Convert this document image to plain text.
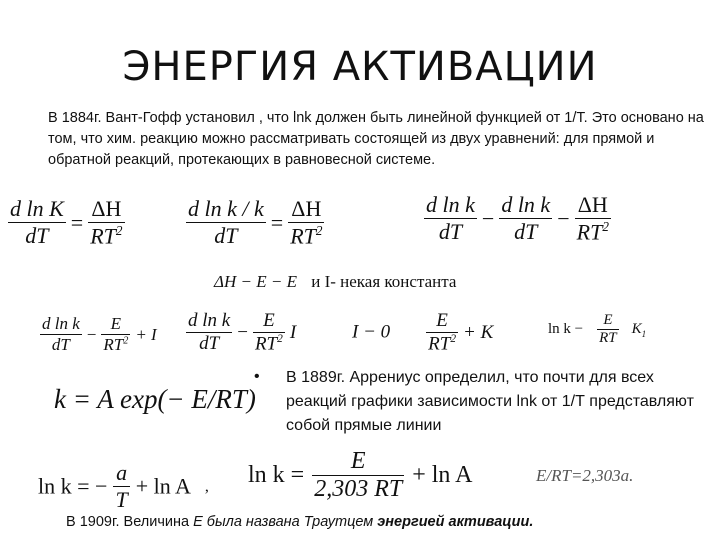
ЭНЕРГИЯ АКТИВАЦИИ
В 1884г. Вант-Гофф установил , что lnk должен быть линейной функцией от 1/Т. Это основано на том, что хим. реакцию можно рассматривать состоящей из двух уравнений: для прямой и обратной реакций, протекающих в равновесной системе.
$\frac{\text{d ln K}}{dT} = \frac{\Delta H}{RT^2}$	$\frac{\text{d ln k / k}}{dT} = \frac{\Delta H}{RT^2}$	$\frac{\text{d ln k}}{dT} - \frac{\text{d ln k}}{dT} - \frac{\Delta H}{RT^2}$
ΔH − E − E и I- некая константа
$\frac{\text{d ln k}}{dT} - \frac{E}{RT^2} + I \frac{\text{d ln k}}{dT} - \frac{E}{RT^2}$ I	$I - 0 \frac{E}{RT^2} + K$	$\ln k - \frac{E}{RT} K_1$
k = A exp(− E/RT)
• В 1889г. Аррениус определил, что почти для всех реакций графики зависимости lnk от 1/Т представляют собой прямые линии
ln k = − $\frac{a}{T} + \ln A$ , $\ln k = \frac{E}{2,303 RT} + \ln A$	E/RT=2,303a.
В 1909г. Величина E была названа Траутцем энергией активации.
